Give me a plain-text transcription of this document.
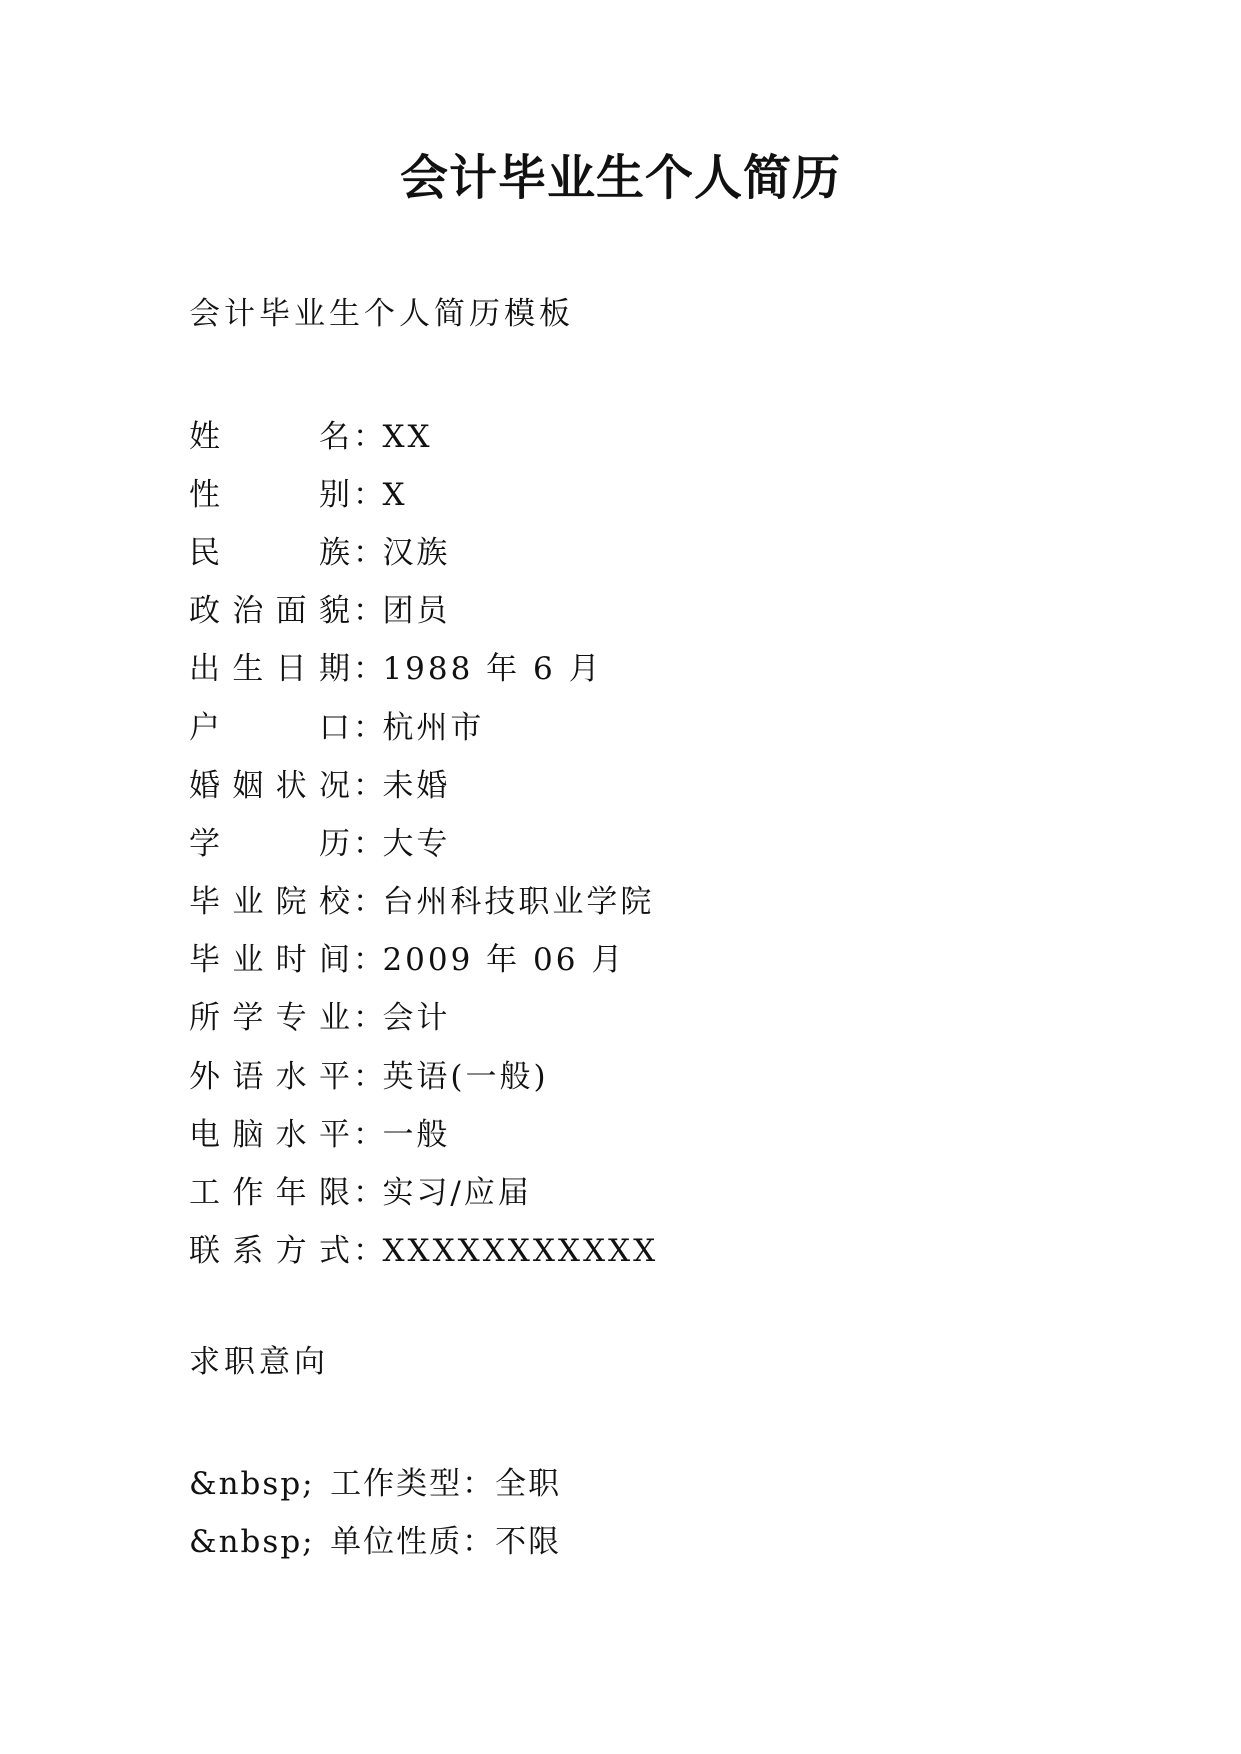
会计毕业生个人简历
会计毕业生个人简历模板
姓名 ：
XX
性别 ：
X
民族 ：
汉族
政治面貌 ：
团员
出生日期 ：
1988 年 6 月
户口 ：
杭州市
婚姻状况 ：
未婚
学历 ：
大专
毕业院校 ：
台州科技职业学院
毕业时间 ：
2009 年 06 月
所学专业 ：
会计
外语水平 ：
英语(一般)
电脑水平 ：
一般
工作年限 ：
实习/应届
联系方式 ：
XXXXXXXXXXX
求职意向
&nbsp; 工作类型 ： 全职
&nbsp; 单位性质 ： 不限
